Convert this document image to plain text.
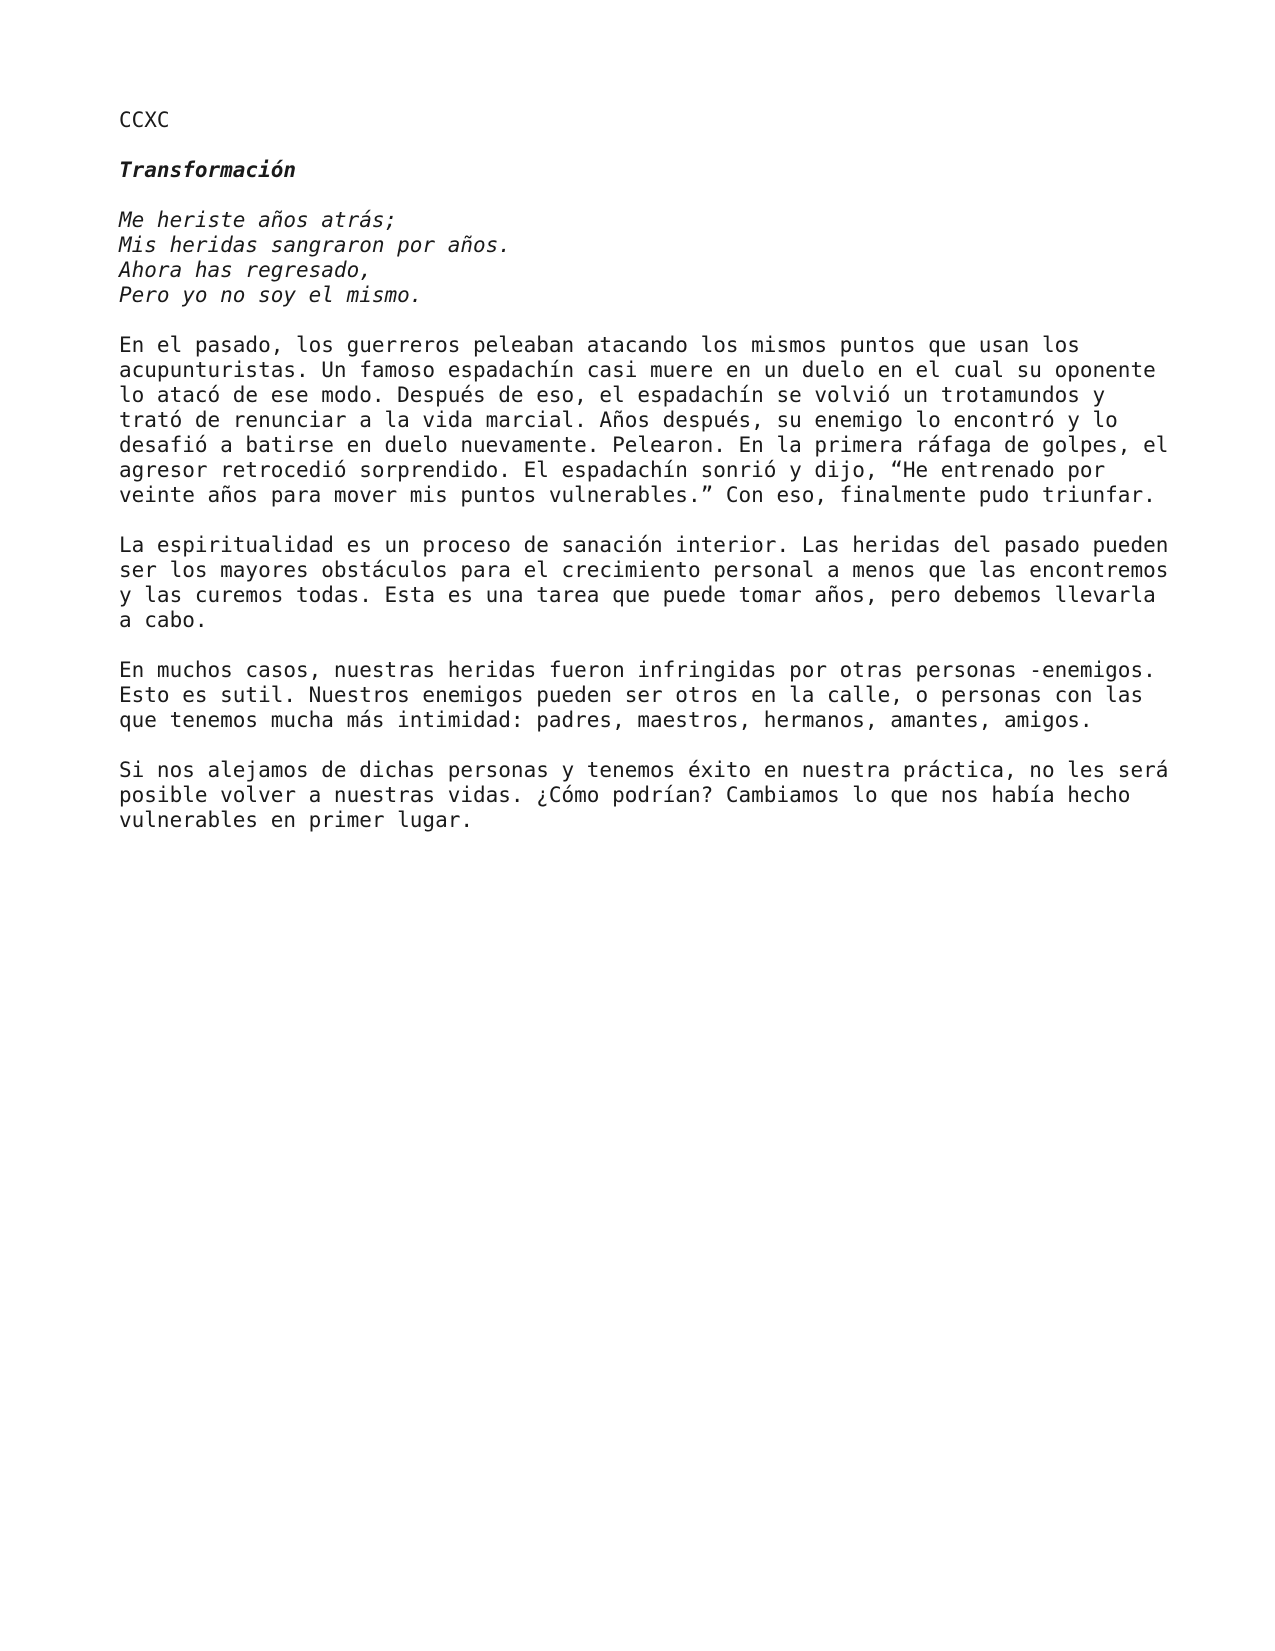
CCXC
Transformación
Me heriste años atrás;
Mis heridas sangraron por años.
Ahora has regresado,
Pero yo no soy el mismo.
En el pasado, los guerreros peleaban atacando los mismos puntos que usan los
acupunturistas. Un famoso espadachín casi muere en un duelo en el cual su oponente
lo atacó de ese modo. Después de eso, el espadachín se volvió un trotamundos y
trató de renunciar a la vida marcial. Años después, su enemigo lo encontró y lo
desafió a batirse en duelo nuevamente. Pelearon. En la primera ráfaga de golpes, el
agresor retrocedió sorprendido. El espadachín sonrió y dijo, “He entrenado por
veinte años para mover mis puntos vulnerables.” Con eso, finalmente pudo triunfar.
La espiritualidad es un proceso de sanación interior. Las heridas del pasado pueden
ser los mayores obstáculos para el crecimiento personal a menos que las encontremos
y las curemos todas. Esta es una tarea que puede tomar años, pero debemos llevarla
a cabo.
En muchos casos, nuestras heridas fueron infringidas por otras personas -enemigos.
Esto es sutil. Nuestros enemigos pueden ser otros en la calle, o personas con las
que tenemos mucha más intimidad: padres, maestros, hermanos, amantes, amigos.
Si nos alejamos de dichas personas y tenemos éxito en nuestra práctica, no les será
posible volver a nuestras vidas. ¿Cómo podrían? Cambiamos lo que nos había hecho
vulnerables en primer lugar.
